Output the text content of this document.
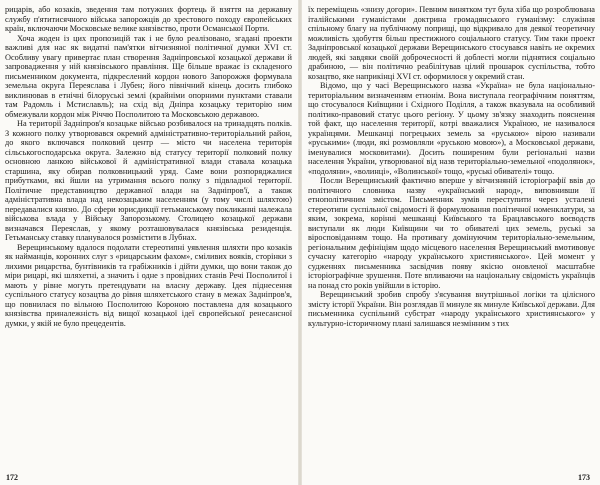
рицарів, або козаків, зведення там потужних фортець й взяття на державну службу п'ятитисячного війська запорожців до хрестового походу європейських країн, включаючи Московське велике князівство, проти Османської Порти.

Хоча жоден із цих пропозицій так і не було реалізовано, згадані проекти важливі для нас як видатні пам'ятки вітчизняної політичної думки XVI ст. Особливу увагу привертає план створення Задніпровської козацької держави й запровадження у ній князівського правління. Ще більше вражає із складеного письменником документа, підкреслений кордон нового Запорожжя формувала земельна округа Переяслава і Лубен; його північний кінець досить глибоко виклинював в етнічні білоруські землі (крайніми опорними пунктами ставали там Радомль і Мстиславль); на схід від Дніпра козацьку територію ним обмежували кордон між Річчю Посполитою та Московською державою.

На території Задніпров'я козацьке військо розбивалося на тринадцять полків. З кожного полку утворювався окремий адміністративно-територіальний район, до якого включався полковий центр — місто чи населена територія сільськогосподарська округа. Залежно від статусу території полковий полку основною ланкою військової й адміністративної влади ставала козацька старшина, яку обирав полковницький уряд. Саме вони розпоряджалися прибутками, які йшли на утримання всього полку з підвладної території. Політичне представництво державної влади на Задніпров'ї, а також адміністративна влада над некозацьким населенням (у тому числі шляхтою) передавалися князю. До сфери юрисдикції гетьманському покликанні належала військова влада у Війську Запорозькому. Столицею козацької держави визначався Переяслав, у якому розташовувалася князівська резиденція. Гетьманську ставку планувалося розмістити в Лубнах.

Верещинському вдалося подолати стереотипні уявлення шляхти про козаків як найманців, коронних слуг з «рицарським фахом», сміливих вояків, сторінки з лихими рицарства, бунтівників та грабіжників і дійти думки, що вони також до міри рицарі, які шляхетні, а значить і одне з провідних станів Речі Посполитої і мають у рівне могуть претендувати на власну державу. Ідея піднесення суспільного статусу козацтва до рівня шляхетського стану в межах Задніпров'я, що повнилася по вільною Посполитою Короною поставлена для козацького князівства приналежність від вищої козацької ідеї європейської ренесансної думки, у якій не було прецедентів.

172

їх переміщень «знизу догори». Певним винятком тут була хіба що розроблювана італійськими гуманістами доктрина громадянського гуманізму: служіння спільному благу на публічному поприщі, що відкривало для деякої теоретичну можливість здобуття більш престижного соціального статусу. Тим таки проект Задніпровської козацької держави Верещинського стосувався навіть не окремих людей, які завдяки своїй доброчесності й доблесті могли піднятися соціально драбиною, — він політично реабілітував цілий прошарок суспільства, тобто козацтво, яке наприкінці XVI ст. оформилося у окремий стан.

Відомо, що у часі Верещинського назва «Україна» не була національно-територіальним визначенням етнонім. Вона виступала географічним поняттям, що стосувалося Київщини і Східного Поділля, а також вказувала на особливий політико-правовий статус цього регіону. У цьому зв'язку знаходить пояснення той факт, що населення території, котрі вважалися Україною, не називалося українцями. Мешканці погрецьких земель за «руською» вірою називали «руськими» (люди, які розмовляли «руською мовою»), а Московської держави, іменувалися московитами). Досить поширеним були регіональні назви населення України, утворюваної від назв територіально-земельної «подолянок», «подоляни», «волинці», «Волинської» тощо, «руські обивателі» тощо.

Посли Верещинський фактично вперше у вітчизняній історіографії ввів до політичного словника назву «український народ», виповнивши її етнополітичним змістом. Письменник зумів переступити через усталені стереотипи суспільної свідомості й формулювання політичної номенклатури, за яким, зокрема, корінні мешканці Київського та Брацлавського воєводств виступали як люди Київщини чи то обивателі цих земель, руські за віросповіданням тощо. На противагу домінуючим територіально-земельним, регіональним дефініціям щодо місцевого населення Верещинський вмотивовує сучасну категорію «народу українського християнського». Цей момент у судженнях письменника засвідчив появу якісно оновленої масштабне історіографічне зрушення. Поте впливаючи на національну свідомість українців на понад сто років увійшли в історію.

Верещинський зробив спробу з'ясування внутрішньої логіки та цілісного змісту історії України. Він розглядав її минуле як минуле Київської держави. Для письменника суспільний субстрат «народу українського християнського» у культурно-історичному плані залишався незмінним з тих

173
